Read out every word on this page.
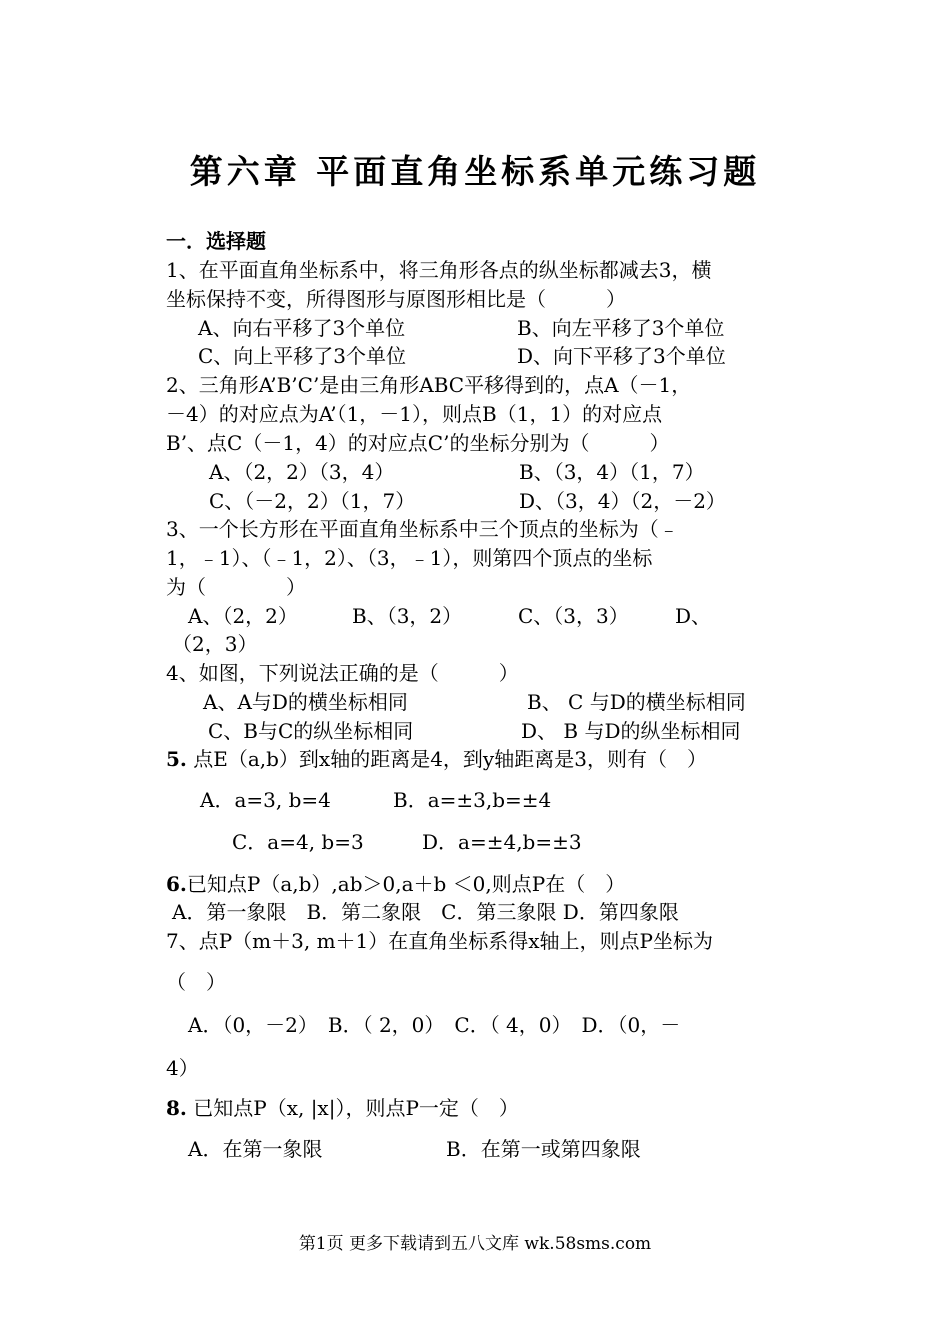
第六章 平面直角坐标系单元练习题
一．选择题
1、在平面直角坐标系中，将三角形各点的纵坐标都减去3，横
坐标保持不变，所得图形与原图形相比是（　　　）
A、向右平移了3个单位	B、向左平移了3个单位
C、向上平移了3个单位	D、向下平移了3个单位
2、三角形A’B’C’是由三角形ABC平移得到的，点A（－1，
－4）的对应点为A’（1，－1），则点B（1，1）的对应点
B’、点C（－1，4）的对应点C’的坐标分别为（　　　）
A、（2，2）（3，4）	B、（3，4）（1，7）
C、（－2，2）（1，7）	D、（3，4）（2，－2）
3、一个长方形在平面直角坐标系中三个顶点的坐标为（﹣
1，﹣1）、（﹣1，2）、（3，﹣1），则第四个顶点的坐标
为（　　　　）
A、（2，2）	B、（3，2）	C、（3，3） D、
（2，3）
4、如图，下列说法正确的是（　　　）
A、A与D的横坐标相同	B、 C 与D的横坐标相同
C、B与C的纵坐标相同	D、 B 与D的纵坐标相同
5. 点E（a,b）到x轴的距离是4，到y轴距离是3，则有（　）
A．a=3, b=4	B．a=±3,b=±4
C．a=4, b=3	D．a=±4,b=±3
6.已知点P（a,b）,ab＞0,a＋b ＜0,则点P在（　）
A．第一象限　B．第二象限　C．第三象限 D．第四象限
7、点P（m＋3, m＋1）在直角坐标系得x轴上，则点P坐标为
（　）
A．（0，－2）　B．（ 2，0）　C．（ 4，0）　D．（0，－
4）
8. 已知点P（x, |x|），则点P一定（　）
A．在第一象限	B．在第一或第四象限
第1页 更多下载请到五八文库 wk.58sms.com
